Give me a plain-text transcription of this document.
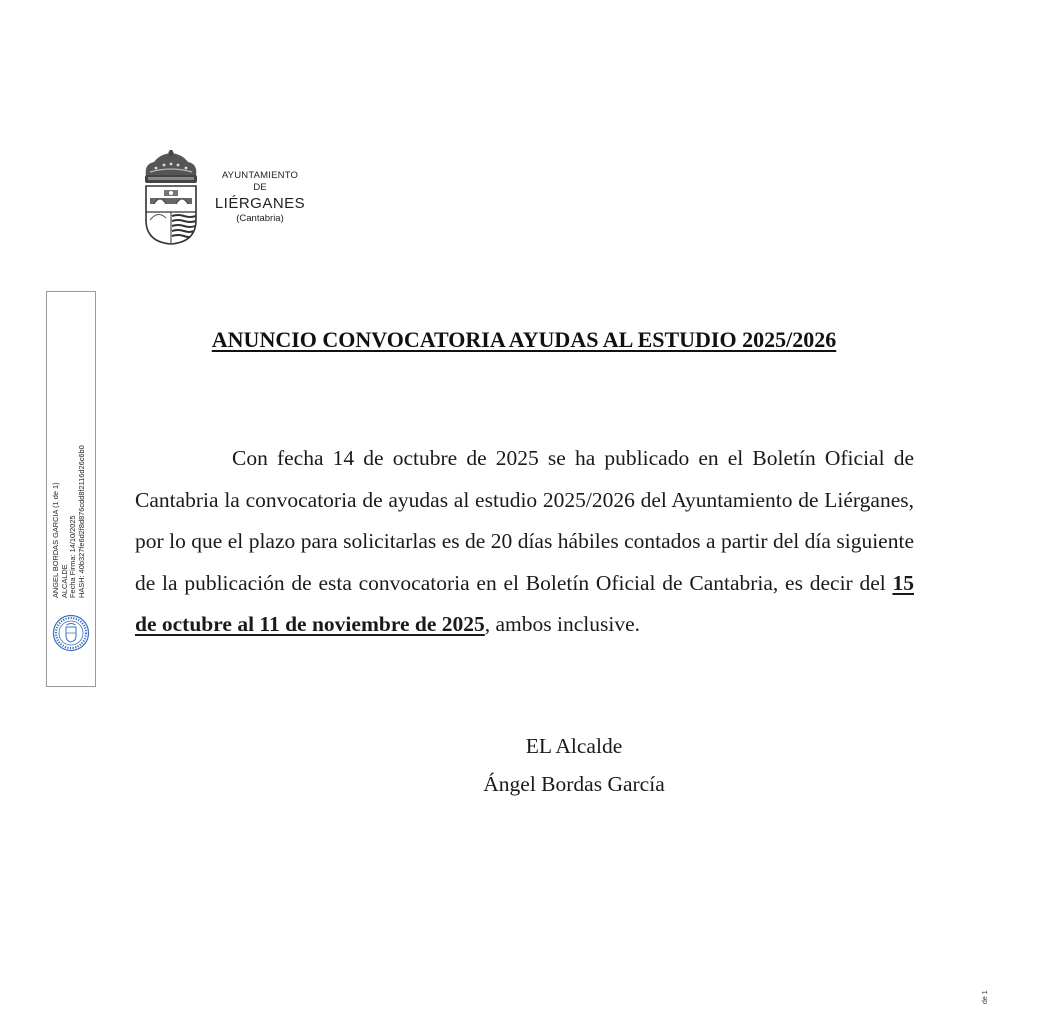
AYUNTAMIENTO
DE
LIÉRGANES
(Cantabria)
ANGEL BORDAS GARCIA (1 de 1) ALCALDE Fecha Firma: 14/10/2025 HASH: 40b327fe6d2f8d876cdd8f2116d26c6b0
ANUNCIO CONVOCATORIA AYUDAS AL ESTUDIO 2025/2026
Con fecha 14 de octubre de 2025 se ha publicado en el Boletín Oficial de Cantabria la convocatoria de ayudas al estudio 2025/2026 del Ayuntamiento de Liérganes, por lo que el plazo para solicitarlas es de 20 días hábiles contados a partir del día siguiente de la publicación de esta convocatoria en el Boletín Oficial de Cantabria, es decir del 15 de octubre al 11 de noviembre de 2025, ambos inclusive.
EL Alcalde
Ángel Bordas García
de 1
